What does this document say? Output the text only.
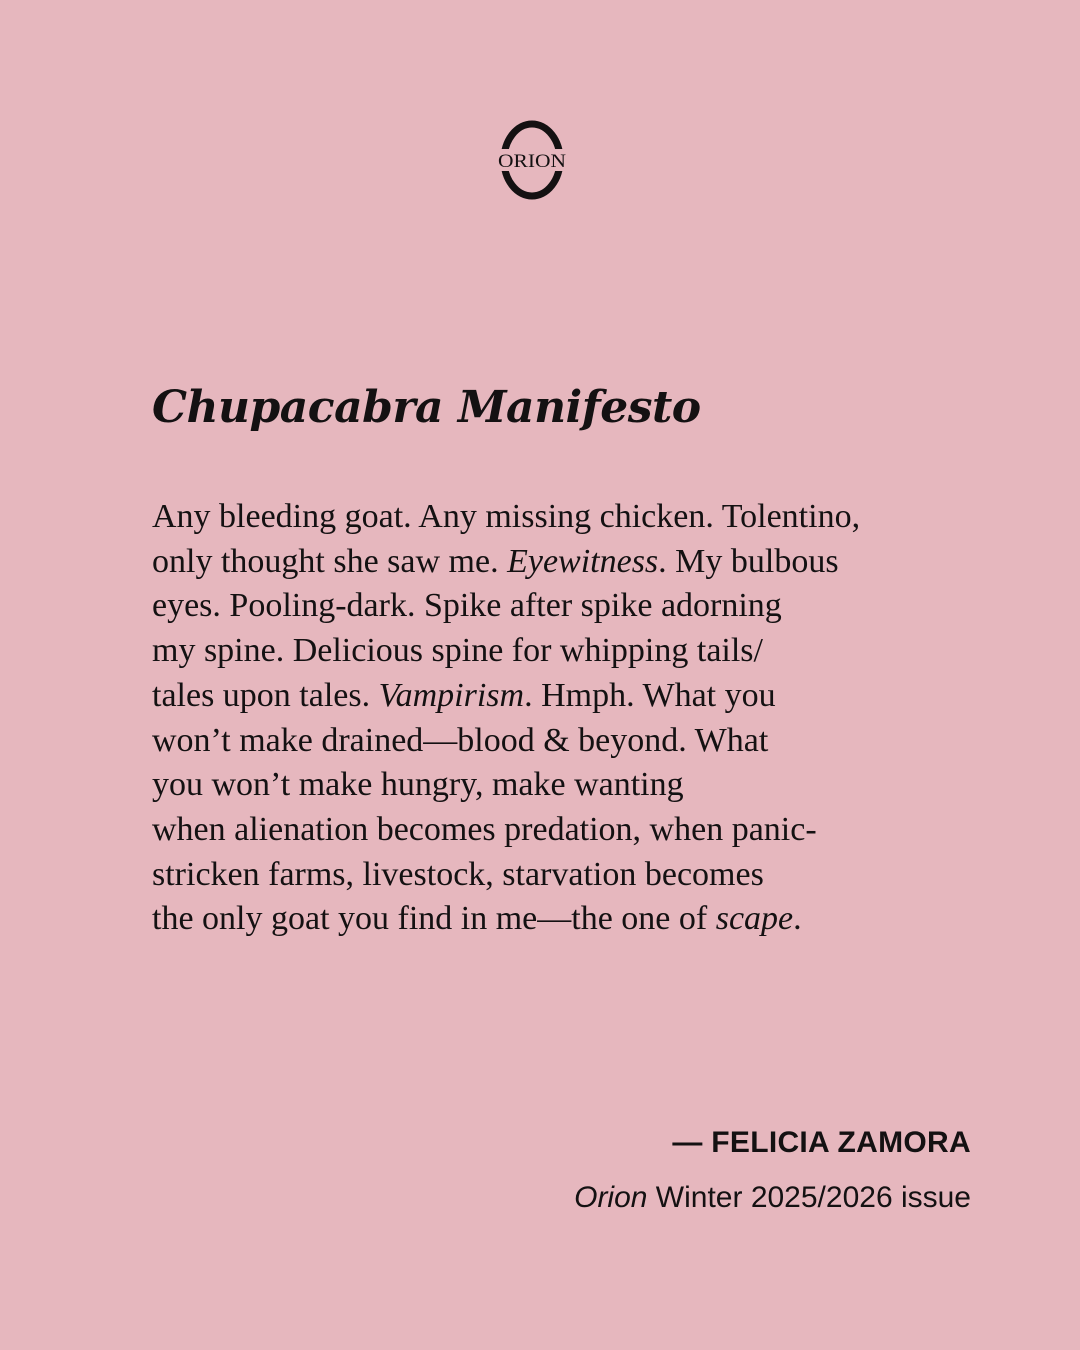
ORION
Chupacabra Manifesto
Any bleeding goat. Any missing chicken. Tolentino,
only thought she saw me. Eyewitness. My bulbous
eyes. Pooling-dark. Spike after spike adorning
my spine. Delicious spine for whipping tails/
tales upon tales. Vampirism. Hmph. What you
won’t make drained—blood & beyond. What
you won’t make hungry, make wanting
when alienation becomes predation, when panic-
stricken farms, livestock, starvation becomes
the only goat you find in me—the one of scape.
— FELICIA ZAMORA
Orion Winter 2025/2026 issue
